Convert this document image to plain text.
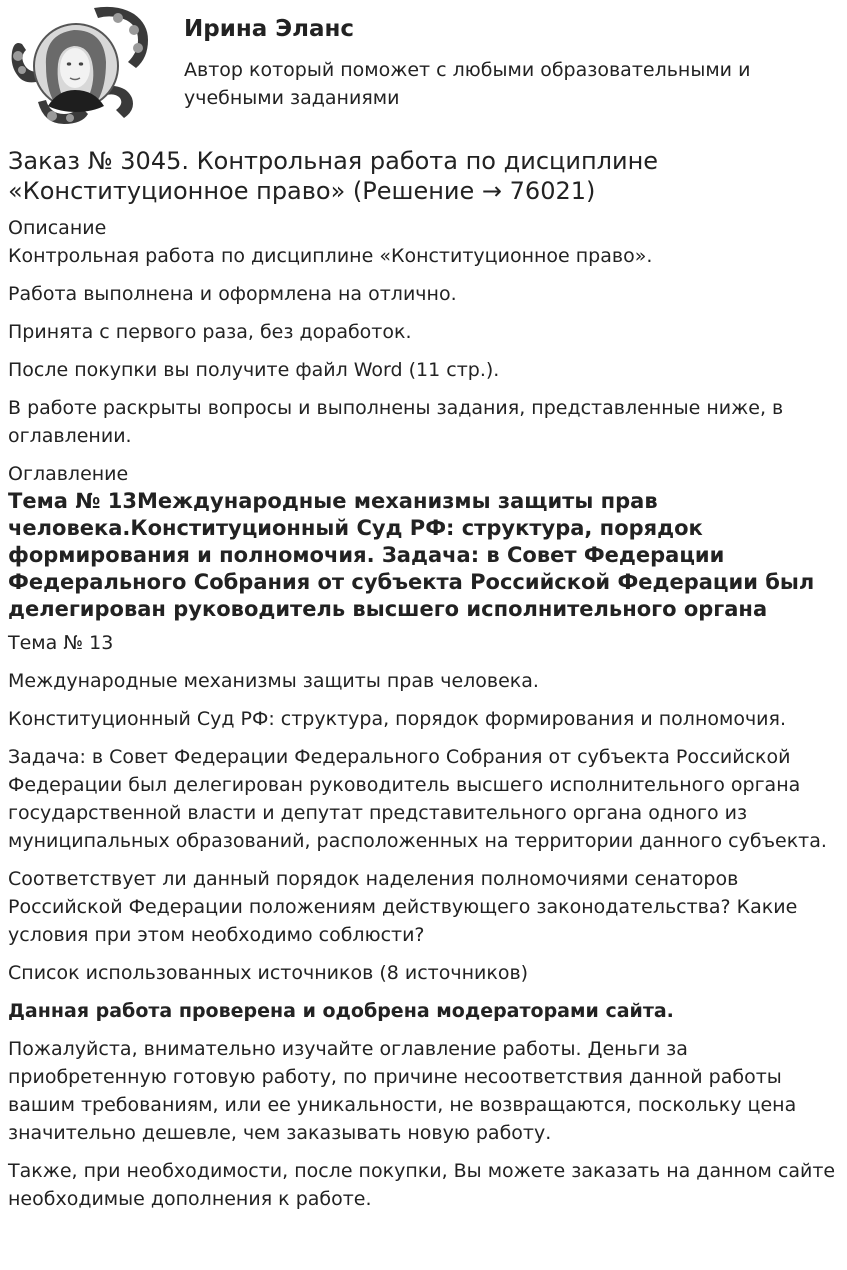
Ирина Эланс
Автор который поможет с любыми образовательными и учебными заданиями
Заказ № 3045. Контрольная работа по дисциплине «Конституционное право» (Решение → 76021)
Описание

Контрольная работа по дисциплине «Конституционное право».

Работа выполнена и оформлена на отлично.

Принята с первого раза, без доработок.

После покупки вы получите файл Word (11 стр.).

В работе раскрыты вопросы и выполнены задания, представленные ниже, в оглавлении.

Оглавление
Тема № 13Международные механизмы защиты прав человека.Конституционный Суд РФ: структура, порядок формирования и полномочия. Задача: в Совет Федерации Федерального Собрания от субъекта Российской Федерации был делегирован руководитель высшего исполнительного органа

Тема № 13

Международные механизмы защиты прав человека.

Конституционный Суд РФ: структура, порядок формирования и полномочия.

Задача: в Совет Федерации Федерального Собрания от субъекта Российской Федерации был делегирован руководитель высшего исполнительного органа государственной власти и депутат представительного органа одного из муниципальных образований, расположенных на территории данного субъекта.

Соответствует ли данный порядок наделения полномочиями сенаторов Российской Федерации положениям действующего законодательства? Какие условия при этом необходимо соблюсти?

Список использованных источников (8 источников)

Данная работа проверена и одобрена модераторами сайта.

Пожалуйста, внимательно изучайте оглавление работы. Деньги за приобретенную готовую работу, по причине несоответствия данной работы вашим требованиям, или ее уникальности, не возвращаются, поскольку цена значительно дешевле, чем заказывать новую работу.

Также, при необходимости, после покупки, Вы можете заказать на данном сайте необходимые дополнения к работе.
